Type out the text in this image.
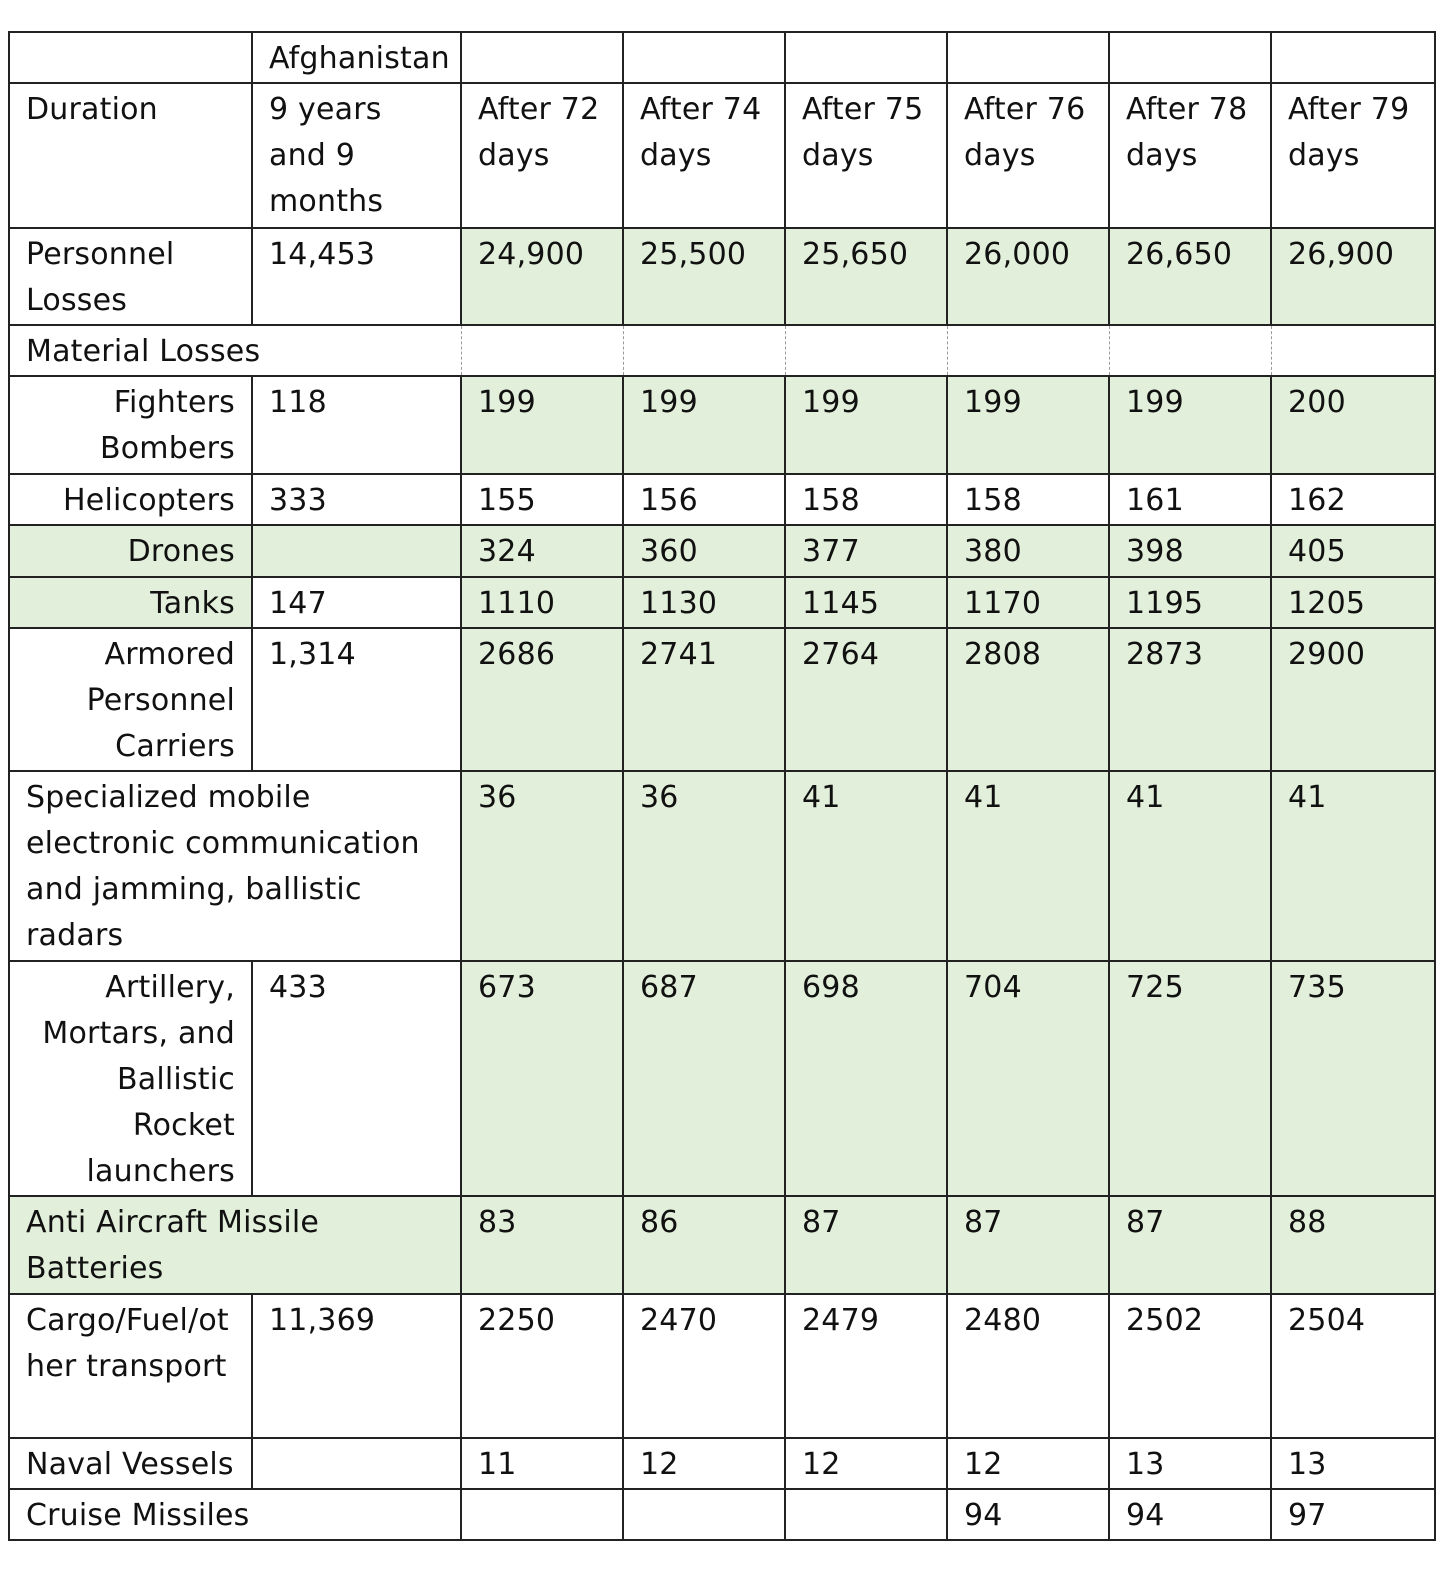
	Afghanistan						
Duration	9 years and 9 months	After 72 days	After 74 days	After 75 days	After 76 days	After 78 days	After 79 days
Personnel Losses	14,453	24,900	25,500	25,650	26,000	26,650	26,900
Material Losses							
Fighters Bombers	118	199	199	199	199	199	200
Helicopters	333	155	156	158	158	161	162
Drones		324	360	377	380	398	405
Tanks	147	1110	1130	1145	1170	1195	1205
Armored Personnel Carriers	1,314	2686	2741	2764	2808	2873	2900
Specialized mobile electronic communication and jamming, ballistic radars		36	36	41	41	41	41
Artillery, Mortars, and Ballistic Rocket launchers	433	673	687	698	704	725	735
Anti Aircraft Missile Batteries		83	86	87	87	87	88
Cargo/Fuel/other transport	11,369	2250	2470	2479	2480	2502	2504
Naval Vessels		11	12	12	12	13	13
Cruise Missiles					94	94	97
